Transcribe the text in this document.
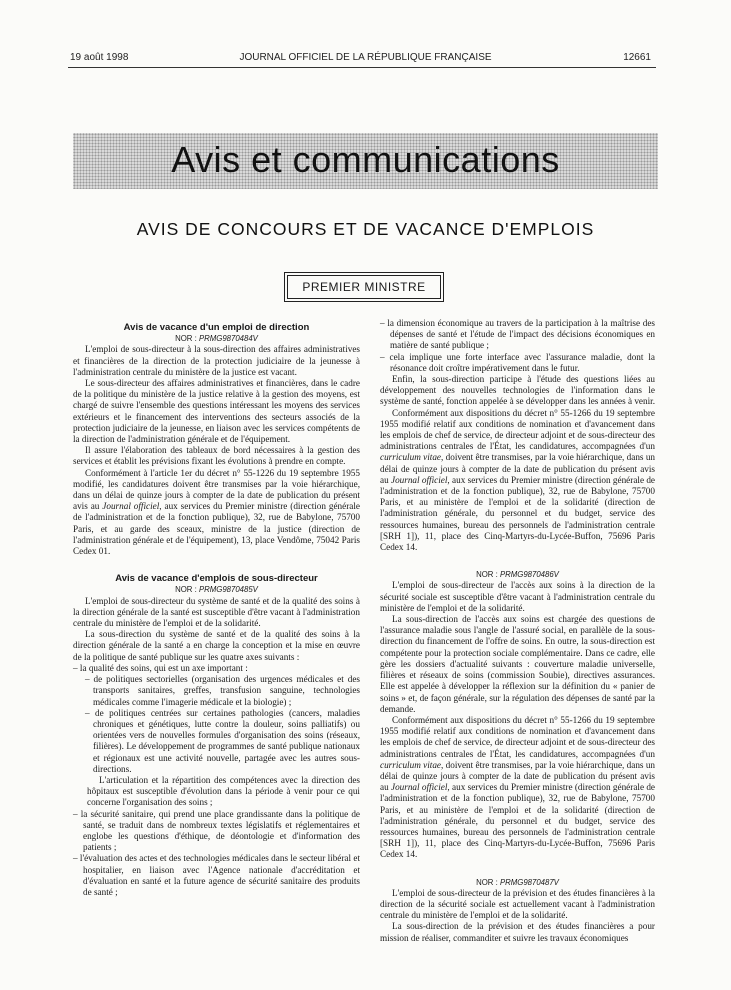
19 août 1998	JOURNAL OFFICIEL DE LA RÉPUBLIQUE FRANÇAISE	12661
Avis et communications
AVIS DE CONCOURS ET DE VACANCE D'EMPLOIS
PREMIER MINISTRE

Avis de vacance d'un emploi de direction

NOR : PRMG9870484V

L'emploi de sous-directeur à la sous-direction des affaires administratives et financières de la direction de la protection judiciaire de la jeunesse à l'administration centrale du ministère de la justice est vacant.

Le sous-directeur des affaires administratives et financières, dans le cadre de la politique du ministère de la justice relative à la gestion des moyens, est chargé de suivre l'ensemble des questions intéressant les moyens des services extérieurs et le financement des interventions des secteurs associés de la protection judiciaire de la jeunesse, en liaison avec les services compétents de la direction de l'administration générale et de l'équipement.

Il assure l'élaboration des tableaux de bord nécessaires à la gestion des services et établit les prévisions fixant les évolutions à prendre en compte.

Conformément à l'article 1er du décret n° 55-1226 du 19 septembre 1955 modifié, les candidatures doivent être transmises par la voie hiérarchique, dans un délai de quinze jours à compter de la date de publication du présent avis au Journal officiel, aux services du Premier ministre (direction générale de l'administration et de la fonction publique), 32, rue de Babylone, 75700 Paris, et au garde des sceaux, ministre de la justice (direction de l'administration générale et de l'équipement), 13, place Vendôme, 75042 Paris Cedex 01.

Avis de vacance d'emplois de sous-directeur

NOR : PRMG9870485V

L'emploi de sous-directeur du système de santé et de la qualité des soins à la direction générale de la santé est susceptible d'être vacant à l'administration centrale du ministère de l'emploi et de la solidarité.

La sous-direction du système de santé et de la qualité des soins à la direction générale de la santé a en charge la conception et la mise en œuvre de la politique de santé publique sur les quatre axes suivants :

– la qualité des soins, qui est un axe important :

– de politiques sectorielles (organisation des urgences médicales et des transports sanitaires, greffes, transfusion sanguine, technologies médicales comme l'imagerie médicale et la biologie) ;

– de politiques centrées sur certaines pathologies (cancers, maladies chroniques et génétiques, lutte contre la douleur, soins palliatifs) ou orientées vers de nouvelles formules d'organisation des soins (réseaux, filières). Le développement de programmes de santé publique nationaux et régionaux est une activité nouvelle, partagée avec les autres sous-directions.

L'articulation et la répartition des compétences avec la direction des hôpitaux est susceptible d'évolution dans la période à venir pour ce qui concerne l'organisation des soins ;

– la sécurité sanitaire, qui prend une place grandissante dans la politique de santé, se traduit dans de nombreux textes législatifs et réglementaires et englobe les questions d'éthique, de déontologie et d'information des patients ;

– l'évaluation des actes et des technologies médicales dans le secteur libéral et hospitalier, en liaison avec l'Agence nationale d'accréditation et d'évaluation en santé et la future agence de sécurité sanitaire des produits de santé ;

– la dimension économique au travers de la participation à la maîtrise des dépenses de santé et l'étude de l'impact des décisions économiques en matière de santé publique ;

– cela implique une forte interface avec l'assurance maladie, dont la résonance doit croître impérativement dans le futur.

Enfin, la sous-direction participe à l'étude des questions liées au développement des nouvelles technologies de l'information dans le système de santé, fonction appelée à se développer dans les années à venir.

Conformément aux dispositions du décret n° 55-1266 du 19 septembre 1955 modifié relatif aux conditions de nomination et d'avancement dans les emplois de chef de service, de directeur adjoint et de sous-directeur des administrations centrales de l'État, les candidatures, accompagnées d'un curriculum vitae, doivent être transmises, par la voie hiérarchique, dans un délai de quinze jours à compter de la date de publication du présent avis au Journal officiel, aux services du Premier ministre (direction générale de l'administration et de la fonction publique), 32, rue de Babylone, 75700 Paris, et au ministère de l'emploi et de la solidarité (direction de l'administration générale, du personnel et du budget, service des ressources humaines, bureau des personnels de l'administration centrale [SRH 1]), 11, place des Cinq-Martyrs-du-Lycée-Buffon, 75696 Paris Cedex 14.

NOR : PRMG9870486V

L'emploi de sous-directeur de l'accès aux soins à la direction de la sécurité sociale est susceptible d'être vacant à l'administration centrale du ministère de l'emploi et de la solidarité.

La sous-direction de l'accès aux soins est chargée des questions de l'assurance maladie sous l'angle de l'assuré social, en parallèle de la sous-direction du financement de l'offre de soins. En outre, la sous-direction est compétente pour la protection sociale complémentaire. Dans ce cadre, elle gère les dossiers d'actualité suivants : couverture maladie universelle, filières et réseaux de soins (commission Soubie), directives assurances. Elle est appelée à développer la réflexion sur la définition du « panier de soins » et, de façon générale, sur la régulation des dépenses de santé par la demande.

Conformément aux dispositions du décret n° 55-1266 du 19 septembre 1955 modifié relatif aux conditions de nomination et d'avancement dans les emplois de chef de service, de directeur adjoint et de sous-directeur des administrations centrales de l'État, les candidatures, accompagnées d'un curriculum vitae, doivent être transmises, par la voie hiérarchique, dans un délai de quinze jours à compter de la date de publication du présent avis au Journal officiel, aux services du Premier ministre (direction générale de l'administration et de la fonction publique), 32, rue de Babylone, 75700 Paris, et au ministère de l'emploi et de la solidarité (direction de l'administration générale, du personnel et du budget, service des ressources humaines, bureau des personnels de l'administration centrale [SRH 1]), 11, place des Cinq-Martyrs-du-Lycée-Buffon, 75696 Paris Cedex 14.

NOR : PRMG9870487V

L'emploi de sous-directeur de la prévision et des études financières à la direction de la sécurité sociale est actuellement vacant à l'administration centrale du ministère de l'emploi et de la solidarité.

La sous-direction de la prévision et des études financières a pour mission de réaliser, commanditer et suivre les travaux économiques
